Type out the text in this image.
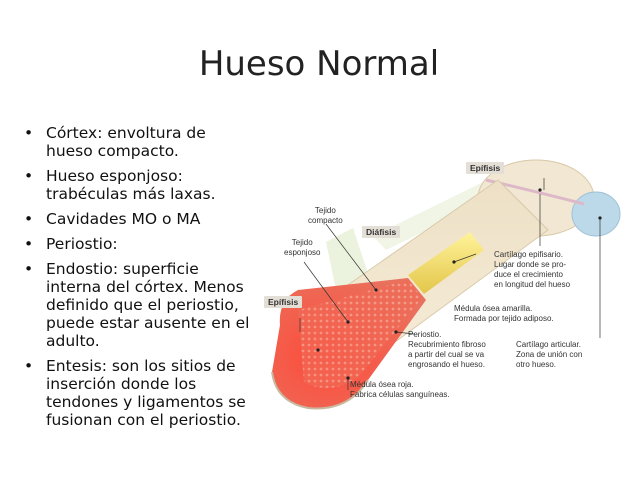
Hueso Normal
• Córtex: envoltura de hueso compacto.
• Hueso esponjoso: trabéculas más laxas.
• Cavidades MO o MA
• Periostio:
• Endostio: superficie interna del córtex. Menos definido que el periostio, puede estar ausente en el adulto.
• Entesis: son los sitios de inserción donde los tendones y ligamentos se fusionan con el periostio.
Epífisis
Diáfisis
Epífisis
Tejido
compacto
Tejido
esponjoso	Cartílago epifisario.
Lugar donde se pro-
duce el crecimiento
en longitud del hueso
Médula ósea amarilla.
Formada por tejido adiposo.
Periostio.
Recubrimiento fibroso
a partir del cual se va
engrosando el hueso.
Cartílago articular.
Zona de unión con
otro hueso.
Médula ósea roja.
Fabrica células sanguíneas.
